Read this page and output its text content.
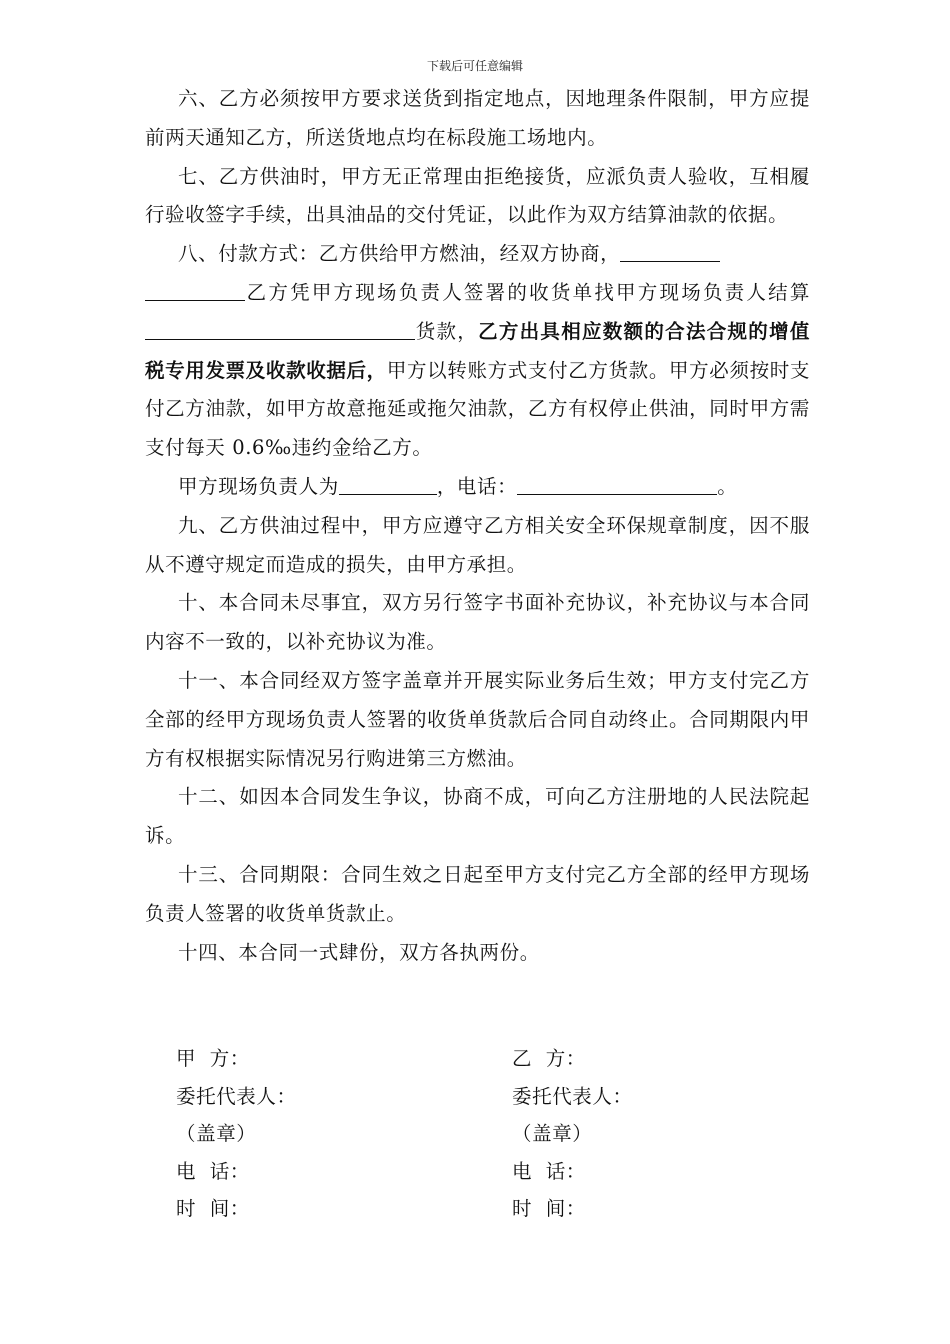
下载后可任意编辑

六、乙方必须按甲方要求送货到指定地点，因地理条件限制，甲方应提前两天通知乙方，所送货地点均在标段施工场地内。

七、乙方供油时，甲方无正常理由拒绝接货，应派负责人验收，互相履行验收签字手续，出具油品的交付凭证，以此作为双方结算油款的依据。

八、付款方式：乙方供给甲方燃油，经双方协商，
乙方凭甲方现场负责人签署的收货单找甲方现场负责人结算货款，乙方出具相应数额的合法合规的增值税专用发票及收款收据后，甲方以转账方式支付乙方货款。甲方必须按时支付乙方油款，如甲方故意拖延或拖欠油款，乙方有权停止供油，同时甲方需支付每天 0.6‰违约金给乙方。

甲方现场负责人为	，电话：	。

九、乙方供油过程中，甲方应遵守乙方相关安全环保规章制度，因不服从不遵守规定而造成的损失，由甲方承担。

十、本合同未尽事宜，双方另行签字书面补充协议，补充协议与本合同内容不一致的，以补充协议为准。

十一、本合同经双方签字盖章并开展实际业务后生效；甲方支付完乙方全部的经甲方现场负责人签署的收货单货款后合同自动终止。合同期限内甲方有权根据实际情况另行购进第三方燃油。

十二、如因本合同发生争议，协商不成，可向乙方注册地的人民法院起诉。

十三、合同期限：合同生效之日起至甲方支付完乙方全部的经甲方现场负责人签署的收货单货款止。

十四、本合同一式肆份，双方各执两份。

甲  方：	乙  方：
委托代表人：	委托代表人：
（盖章）	（盖章）
电  话：	电  话：
时  间：	时  间：
